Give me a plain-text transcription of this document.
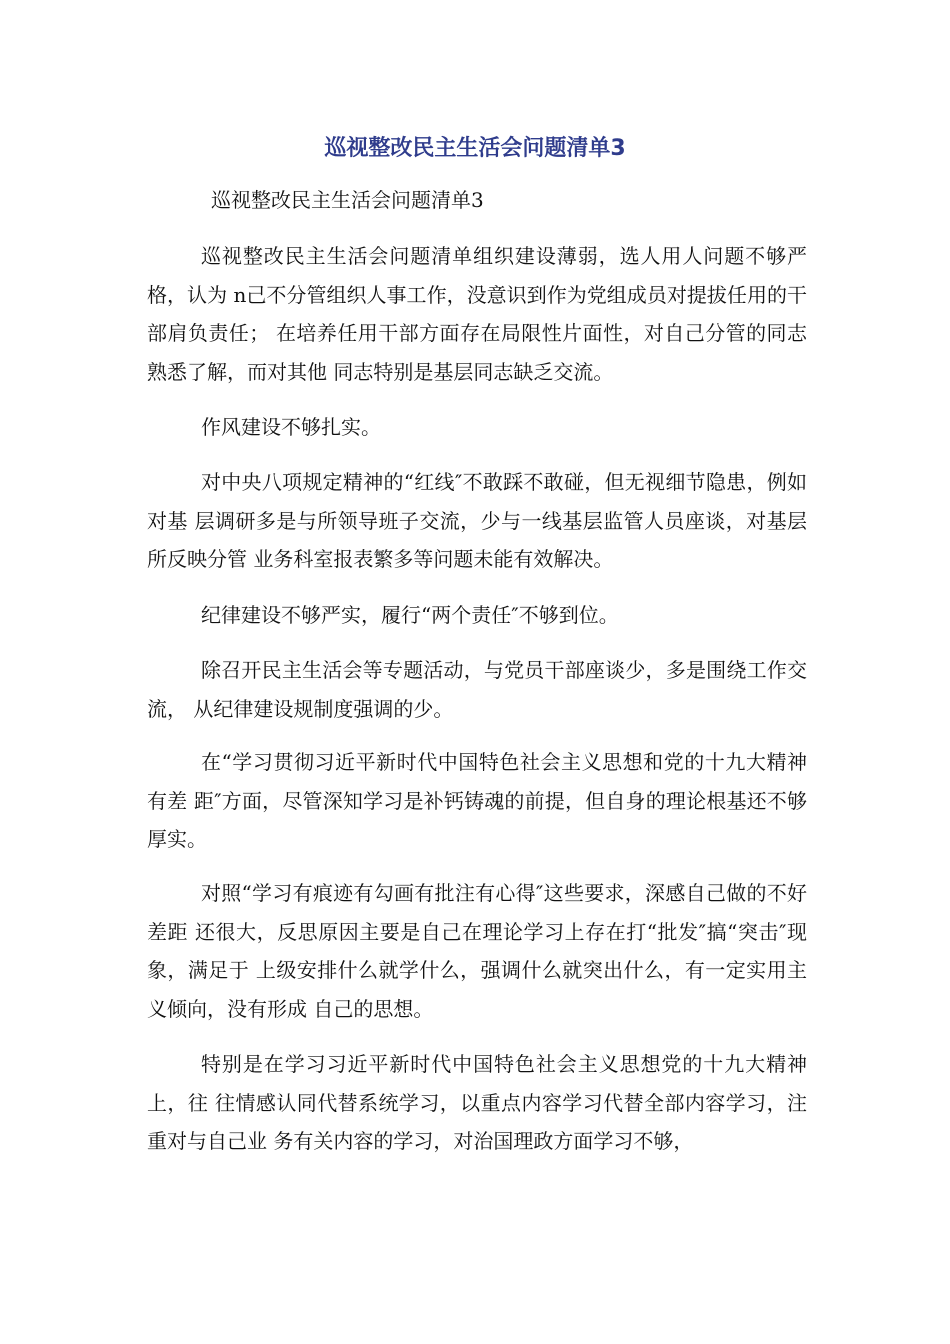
巡视整改民主生活会问题清单3

巡视整改民主生活会问题清单3

巡视整改民主生活会问题清单组织建设薄弱，选人用人问题不够严格，认为 n己不分管组织人事工作，没意识到作为党组成员对提拔任用的干部肩负责任； 在培养任用干部方面存在局限性片面性，对自己分管的同志熟悉了解，而对其他 同志特别是基层同志缺乏交流。

作风建设不够扎实。

对中央八项规定精神的“红线″不敢踩不敢碰，但无视细节隐患，例如对基 层调研多是与所领导班子交流，少与一线基层监管人员座谈，对基层所反映分管 业务科室报表繁多等问题未能有效解决。

纪律建设不够严实，履行“两个责任″不够到位。

除召开民主生活会等专题活动，与党员干部座谈少，多是围绕工作交流， 从纪律建设规制度强调的少。

在“学习贯彻习近平新时代中国特色社会主义思想和党的十九大精神有差 距″方面，尽管深知学习是补钙铸魂的前提，但自身的理论根基还不够厚实。

对照“学习有痕迹有勾画有批注有心得″这些要求，深感自己做的不好差距 还很大，反思原因主要是自己在理论学习上存在打“批发″搞“突击″现象，满足于 上级安排什么就学什么，强调什么就突出什么，有一定实用主义倾向，没有形成 自己的思想。

特别是在学习习近平新时代中国特色社会主义思想党的十九大精神上，往 往情感认同代替系统学习，以重点内容学习代替全部内容学习，注重对与自己业 务有关内容的学习，对治国理政方面学习不够，
